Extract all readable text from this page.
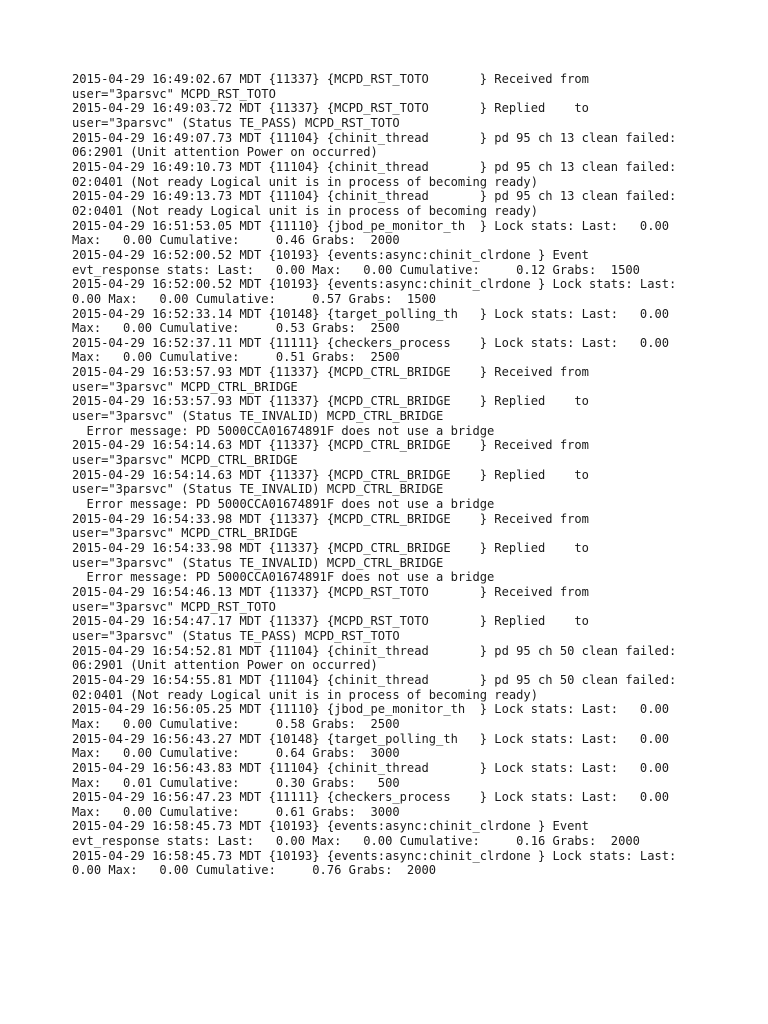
2015-04-29 16:49:02.67 MDT {11337} {MCPD_RST_TOTO       } Received from
user="3parsvc" MCPD_RST_TOTO
2015-04-29 16:49:03.72 MDT {11337} {MCPD_RST_TOTO       } Replied    to
user="3parsvc" (Status TE_PASS) MCPD_RST_TOTO
2015-04-29 16:49:07.73 MDT {11104} {chinit_thread       } pd 95 ch 13 clean failed:
06:2901 (Unit attention Power on occurred)
2015-04-29 16:49:10.73 MDT {11104} {chinit_thread       } pd 95 ch 13 clean failed:
02:0401 (Not ready Logical unit is in process of becoming ready)
2015-04-29 16:49:13.73 MDT {11104} {chinit_thread       } pd 95 ch 13 clean failed:
02:0401 (Not ready Logical unit is in process of becoming ready)
2015-04-29 16:51:53.05 MDT {11110} {jbod_pe_monitor_th  } Lock stats: Last:   0.00
Max:   0.00 Cumulative:     0.46 Grabs:  2000
2015-04-29 16:52:00.52 MDT {10193} {events:async:chinit_clrdone } Event
evt_response stats: Last:   0.00 Max:   0.00 Cumulative:     0.12 Grabs:  1500
2015-04-29 16:52:00.52 MDT {10193} {events:async:chinit_clrdone } Lock stats: Last:
0.00 Max:   0.00 Cumulative:     0.57 Grabs:  1500
2015-04-29 16:52:33.14 MDT {10148} {target_polling_th   } Lock stats: Last:   0.00
Max:   0.00 Cumulative:     0.53 Grabs:  2500
2015-04-29 16:52:37.11 MDT {11111} {checkers_process    } Lock stats: Last:   0.00
Max:   0.00 Cumulative:     0.51 Grabs:  2500
2015-04-29 16:53:57.93 MDT {11337} {MCPD_CTRL_BRIDGE    } Received from
user="3parsvc" MCPD_CTRL_BRIDGE
2015-04-29 16:53:57.93 MDT {11337} {MCPD_CTRL_BRIDGE    } Replied    to
user="3parsvc" (Status TE_INVALID) MCPD_CTRL_BRIDGE
Error message: PD 5000CCA01674891F does not use a bridge
2015-04-29 16:54:14.63 MDT {11337} {MCPD_CTRL_BRIDGE    } Received from
user="3parsvc" MCPD_CTRL_BRIDGE
2015-04-29 16:54:14.63 MDT {11337} {MCPD_CTRL_BRIDGE    } Replied    to
user="3parsvc" (Status TE_INVALID) MCPD_CTRL_BRIDGE
Error message: PD 5000CCA01674891F does not use a bridge
2015-04-29 16:54:33.98 MDT {11337} {MCPD_CTRL_BRIDGE    } Received from
user="3parsvc" MCPD_CTRL_BRIDGE
2015-04-29 16:54:33.98 MDT {11337} {MCPD_CTRL_BRIDGE    } Replied    to
user="3parsvc" (Status TE_INVALID) MCPD_CTRL_BRIDGE
Error message: PD 5000CCA01674891F does not use a bridge
2015-04-29 16:54:46.13 MDT {11337} {MCPD_RST_TOTO       } Received from
user="3parsvc" MCPD_RST_TOTO
2015-04-29 16:54:47.17 MDT {11337} {MCPD_RST_TOTO       } Replied    to
user="3parsvc" (Status TE_PASS) MCPD_RST_TOTO
2015-04-29 16:54:52.81 MDT {11104} {chinit_thread       } pd 95 ch 50 clean failed:
06:2901 (Unit attention Power on occurred)
2015-04-29 16:54:55.81 MDT {11104} {chinit_thread       } pd 95 ch 50 clean failed:
02:0401 (Not ready Logical unit is in process of becoming ready)
2015-04-29 16:56:05.25 MDT {11110} {jbod_pe_monitor_th  } Lock stats: Last:   0.00
Max:   0.00 Cumulative:     0.58 Grabs:  2500
2015-04-29 16:56:43.27 MDT {10148} {target_polling_th   } Lock stats: Last:   0.00
Max:   0.00 Cumulative:     0.64 Grabs:  3000
2015-04-29 16:56:43.83 MDT {11104} {chinit_thread       } Lock stats: Last:   0.00
Max:   0.01 Cumulative:     0.30 Grabs:   500
2015-04-29 16:56:47.23 MDT {11111} {checkers_process    } Lock stats: Last:   0.00
Max:   0.00 Cumulative:     0.61 Grabs:  3000
2015-04-29 16:58:45.73 MDT {10193} {events:async:chinit_clrdone } Event
evt_response stats: Last:   0.00 Max:   0.00 Cumulative:     0.16 Grabs:  2000
2015-04-29 16:58:45.73 MDT {10193} {events:async:chinit_clrdone } Lock stats: Last:
0.00 Max:   0.00 Cumulative:     0.76 Grabs:  2000
